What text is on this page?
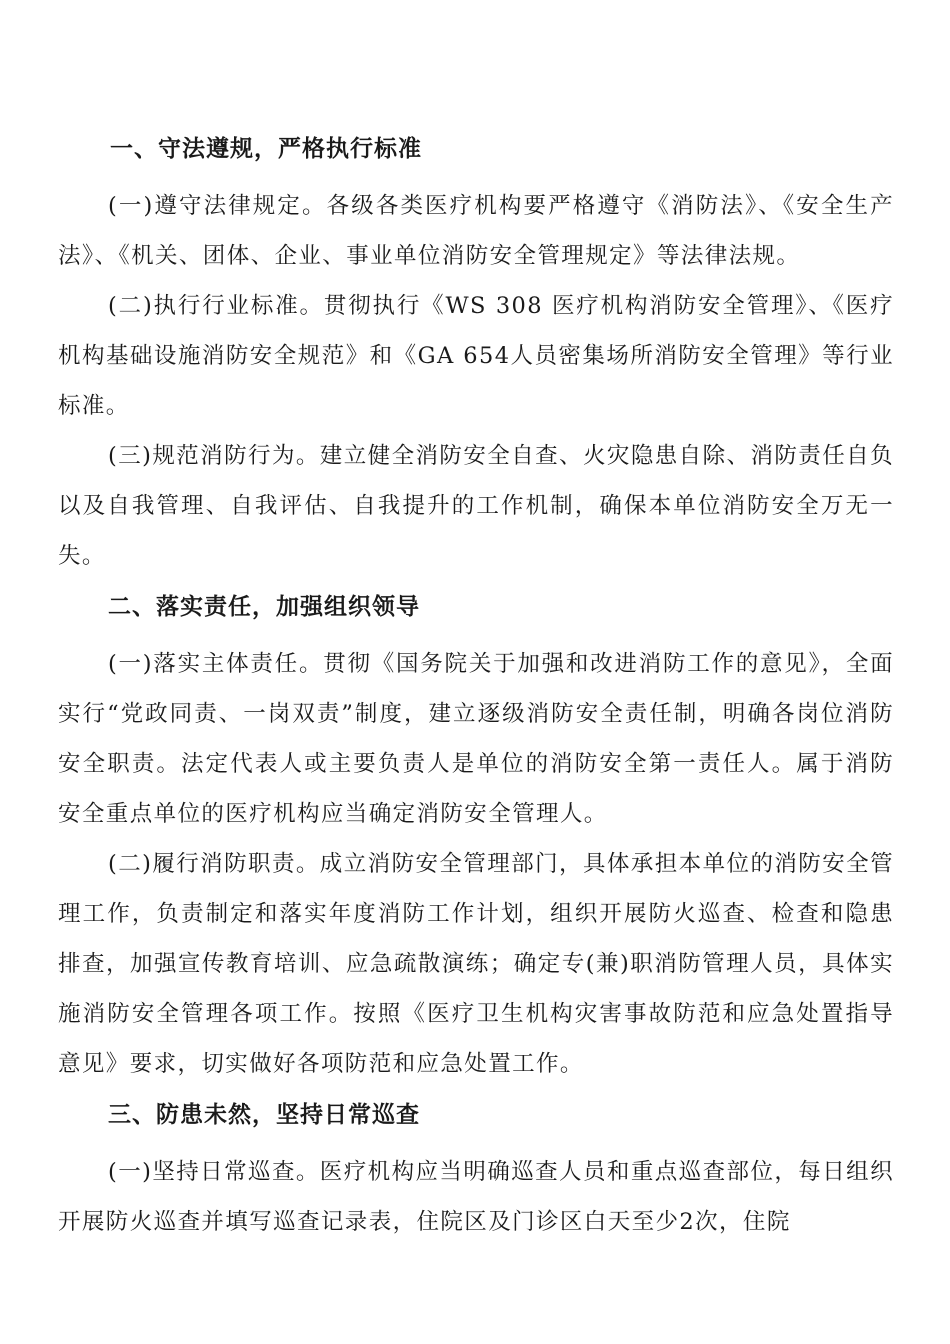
一、守法遵规，严格执行标准

(一)遵守法律规定。各级各类医疗机构要严格遵守《消防法》、《安全生产法》、《机关、团体、企业、事业单位消防安全管理规定》等法律法规。

(二)执行行业标准。贯彻执行《WS 308 医疗机构消防安全管理》、《医疗机构基础设施消防安全规范》和《GA 654人员密集场所消防安全管理》等行业标准。

(三)规范消防行为。建立健全消防安全自查、火灾隐患自除、消防责任自负以及自我管理、自我评估、自我提升的工作机制，确保本单位消防安全万无一失。

二、落实责任，加强组织领导

(一)落实主体责任。贯彻《国务院关于加强和改进消防工作的意见》，全面实行“党政同责、一岗双责”制度，建立逐级消防安全责任制，明确各岗位消防安全职责。法定代表人或主要负责人是单位的消防安全第一责任人。属于消防安全重点单位的医疗机构应当确定消防安全管理人。

(二)履行消防职责。成立消防安全管理部门，具体承担本单位的消防安全管理工作，负责制定和落实年度消防工作计划，组织开展防火巡查、检查和隐患排查，加强宣传教育培训、应急疏散演练；确定专(兼)职消防管理人员，具体实施消防安全管理各项工作。按照《医疗卫生机构灾害事故防范和应急处置指导意见》要求，切实做好各项防范和应急处置工作。

三、防患未然，坚持日常巡查

(一)坚持日常巡查。医疗机构应当明确巡查人员和重点巡查部位，每日组织开展防火巡查并填写巡查记录表，住院区及门诊区白天至少2次，住院
